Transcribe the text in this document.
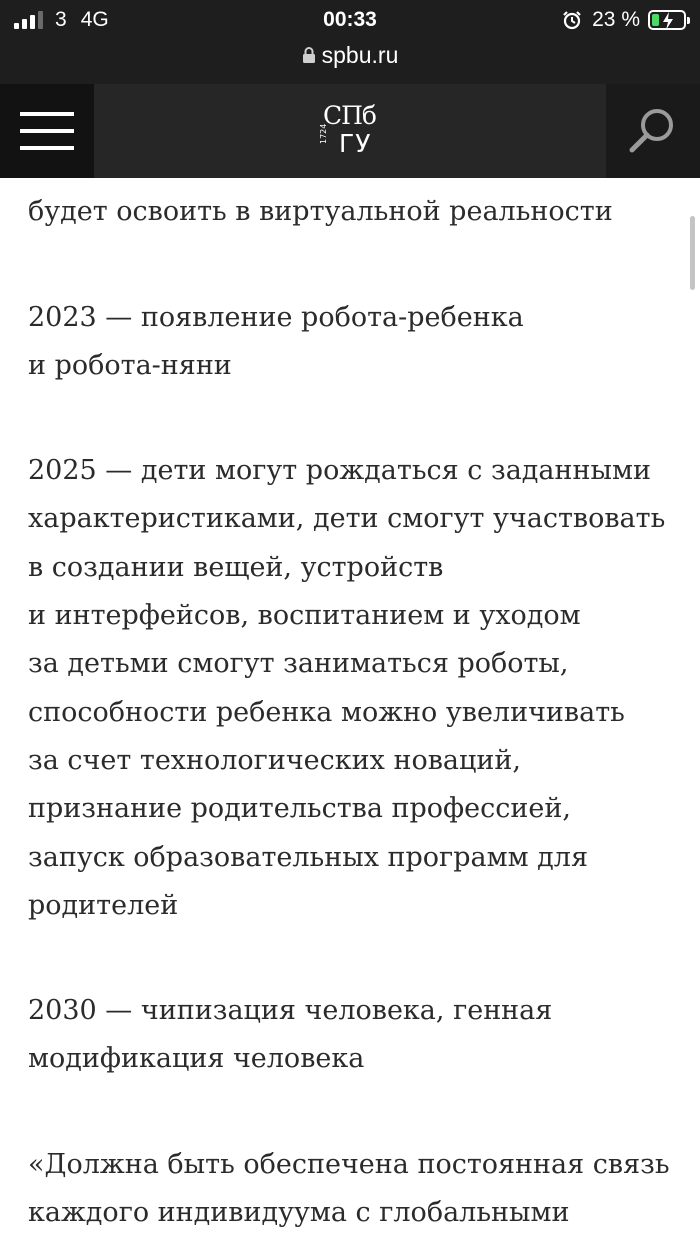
3 4G	00:33	23 %
spbu.ru
СПб
1724 ГУ

будет освоить в виртуальной реальности

2023 — появление робота-ребенка

и робота-няни

2025 — дети могут рождаться с заданными

характеристиками, дети смогут участвовать

в создании вещей, устройств

и интерфейсов, воспитанием и уходом

за детьми смогут заниматься роботы,

способности ребенка можно увеличивать

за счет технологических новаций,

признание родительства профессией,

запуск образовательных программ для

родителей

2030 — чипизация человека, генная

модификация человека

«Должна быть обеспечена постоянная связь

каждого индивидуума с глобальными
